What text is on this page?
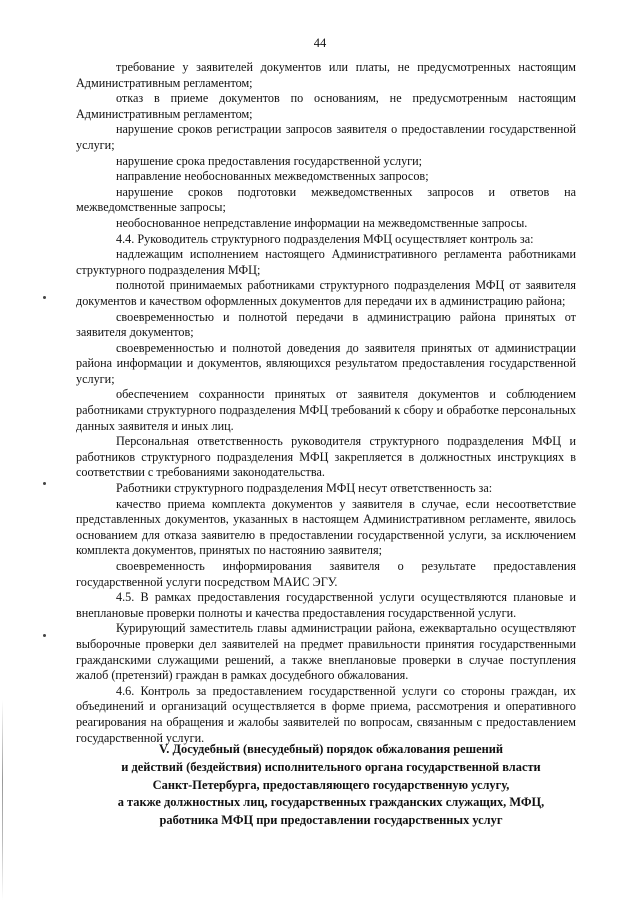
44

требование у заявителей документов или платы, не предусмотренных настоящим Административным регламентом;

отказ в приеме документов по основаниям, не предусмотренным настоящим Административным регламентом;

нарушение сроков регистрации запросов заявителя о предоставлении государственной услуги;

нарушение срока предоставления государственной услуги;

направление необоснованных межведомственных запросов;

нарушение сроков подготовки межведомственных запросов и ответов на межведомственные запросы;

необоснованное непредставление информации на межведомственные запросы.

4.4. Руководитель структурного подразделения МФЦ осуществляет контроль за:

надлежащим исполнением настоящего Административного регламента работниками структурного подразделения МФЦ;

полнотой принимаемых работниками структурного подразделения МФЦ от заявителя документов и качеством оформленных документов для передачи их в администрацию района;

своевременностью и полнотой передачи в администрацию района принятых от заявителя документов;

своевременностью и полнотой доведения до заявителя принятых от администрации района информации и документов, являющихся результатом предоставления государственной услуги;

обеспечением сохранности принятых от заявителя документов и соблюдением работниками структурного подразделения МФЦ требований к сбору и обработке персональных данных заявителя и иных лиц.

Персональная ответственность руководителя структурного подразделения МФЦ и работников структурного подразделения МФЦ закрепляется в должностных инструкциях в соответствии с требованиями законодательства.

Работники структурного подразделения МФЦ несут ответственность за:

качество приема комплекта документов у заявителя в случае, если несоответствие представленных документов, указанных в настоящем Административном регламенте, явилось основанием для отказа заявителю в предоставлении государственной услуги, за исключением комплекта документов, принятых по настоянию заявителя;

своевременность информирования заявителя о результате предоставления государственной услуги посредством МАИС ЭГУ.

4.5. В рамках предоставления государственной услуги осуществляются плановые и внеплановые проверки полноты и качества предоставления государственной услуги.

Курирующий заместитель главы администрации района, ежеквартально осуществляют выборочные проверки дел заявителей на предмет правильности принятия государственными гражданскими служащими решений, а также внеплановые проверки в случае поступления жалоб (претензий) граждан в рамках досудебного обжалования.

4.6. Контроль за предоставлением государственной услуги со стороны граждан, их объединений и организаций осуществляется в форме приема, рассмотрения и оперативного реагирования на обращения и жалобы заявителей по вопросам, связанным с предоставлением государственной услуги.

V. Досудебный (внесудебный) порядок обжалования решений
и действий (бездействия) исполнительного органа государственной власти
Санкт-Петербурга, предоставляющего государственную услугу,
а также должностных лиц, государственных гражданских служащих, МФЦ,
работника МФЦ при предоставлении государственных услуг
